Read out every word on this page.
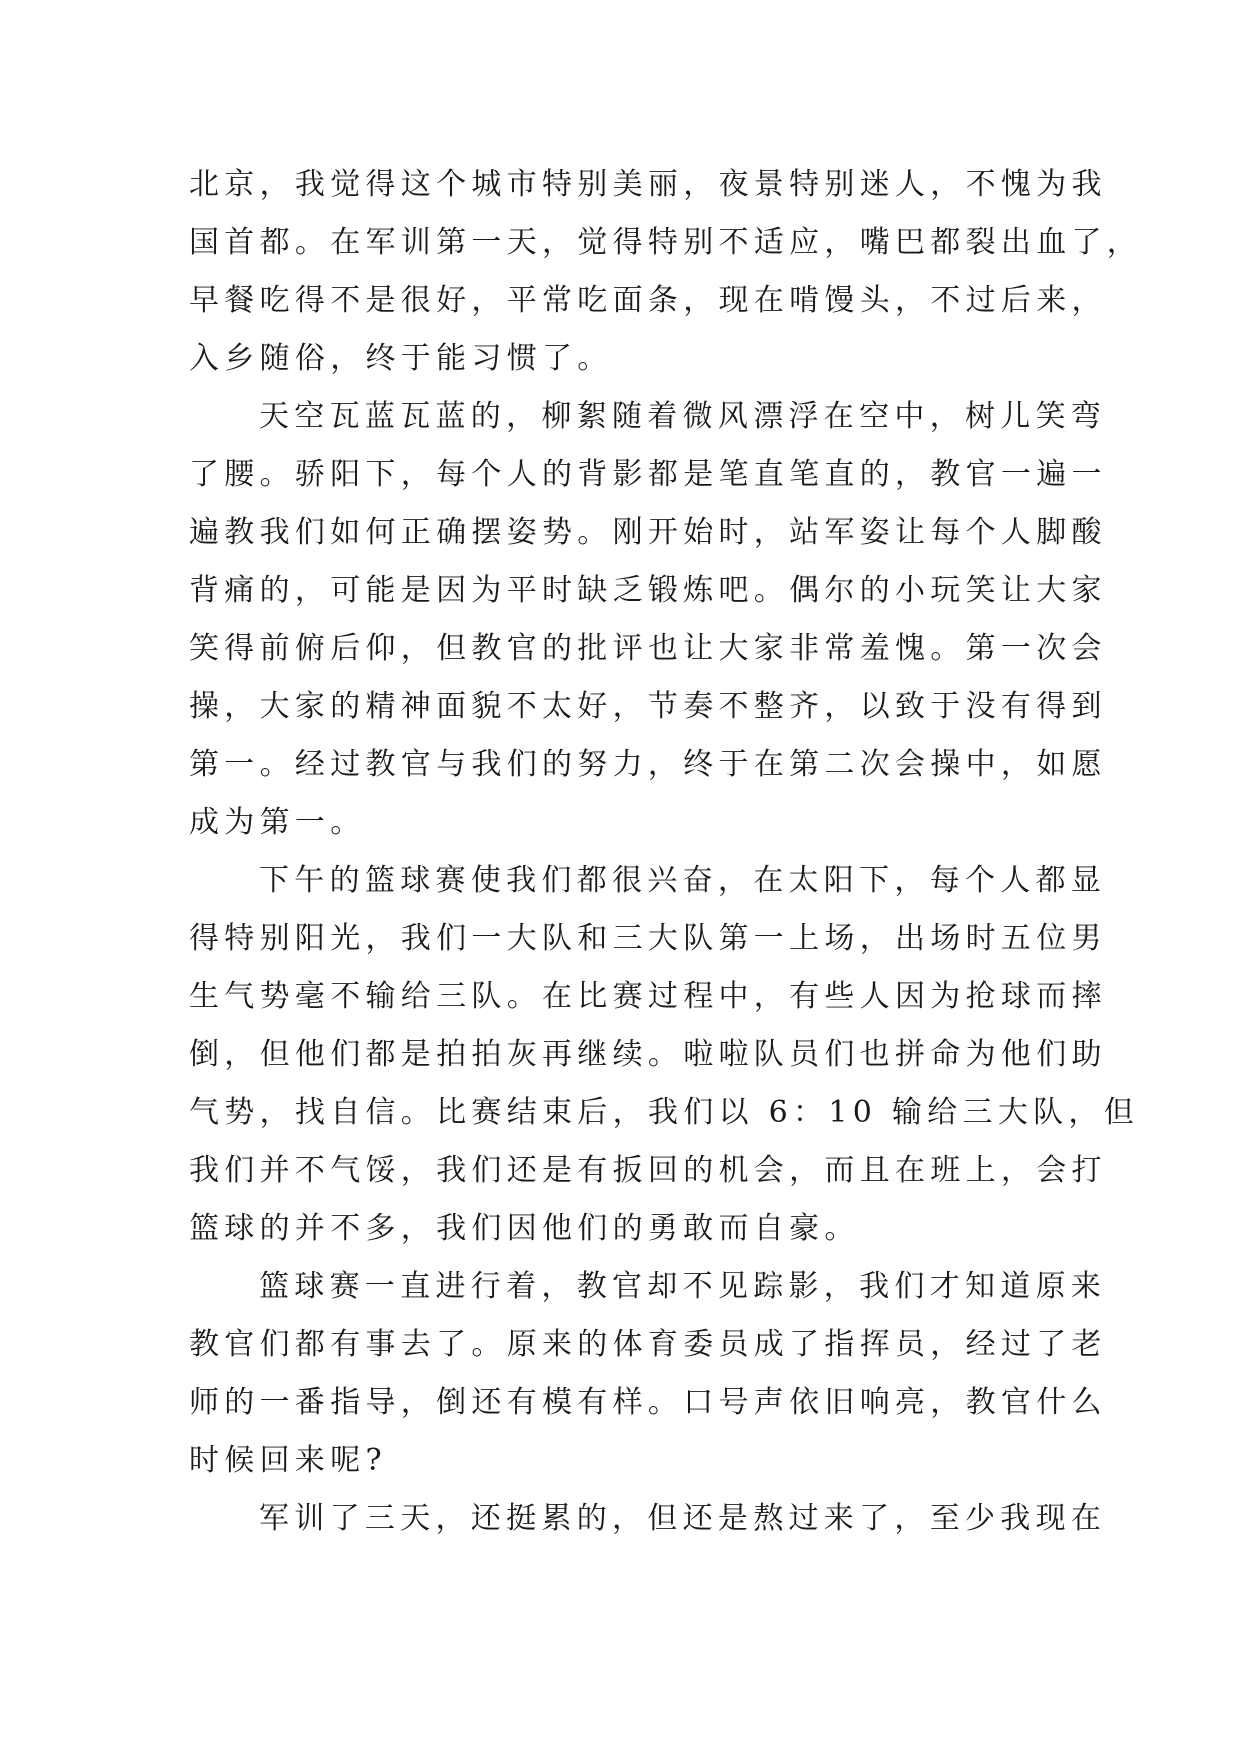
北京，我觉得这个城市特别美丽，夜景特别迷人，不愧为我
国首都。在军训第一天，觉得特别不适应，嘴巴都裂出血了，
早餐吃得不是很好，平常吃面条，现在啃馒头，不过后来，
入乡随俗，终于能习惯了。
天空瓦蓝瓦蓝的，柳絮随着微风漂浮在空中，树儿笑弯
了腰。骄阳下，每个人的背影都是笔直笔直的，教官一遍一
遍教我们如何正确摆姿势。刚开始时，站军姿让每个人脚酸
背痛的，可能是因为平时缺乏锻炼吧。偶尔的小玩笑让大家
笑得前俯后仰，但教官的批评也让大家非常羞愧。第一次会
操，大家的精神面貌不太好，节奏不整齐，以致于没有得到
第一。经过教官与我们的努力，终于在第二次会操中，如愿
成为第一。
下午的篮球赛使我们都很兴奋，在太阳下，每个人都显
得特别阳光，我们一大队和三大队第一上场，出场时五位男
生气势毫不输给三队。在比赛过程中，有些人因为抢球而摔
倒，但他们都是拍拍灰再继续。啦啦队员们也拼命为他们助
气势，找自信。比赛结束后，我们以 6：10 输给三大队，但
我们并不气馁，我们还是有扳回的机会，而且在班上，会打
篮球的并不多，我们因他们的勇敢而自豪。
篮球赛一直进行着，教官却不见踪影，我们才知道原来
教官们都有事去了。原来的体育委员成了指挥员，经过了老
师的一番指导，倒还有模有样。口号声依旧响亮，教官什么
时候回来呢?
军训了三天，还挺累的，但还是熬过来了，至少我现在
